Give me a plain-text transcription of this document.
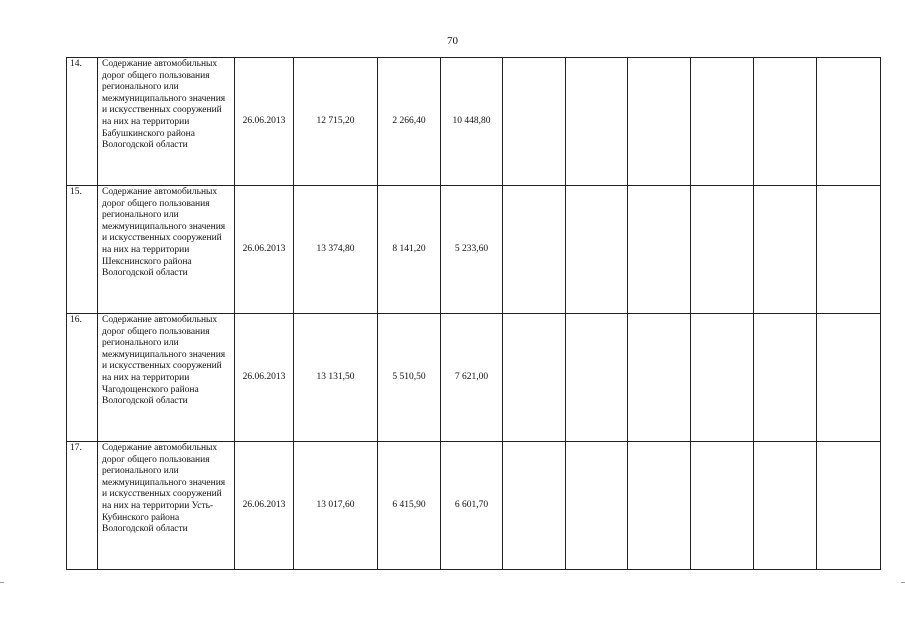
70
14.	Содержание автомобильных дорог общего пользования регионального или межмуниципального значения и искусственных сооружений на них на территории Бабушкинского района Вологодской области	26.06.2013	12 715,20	2 266,40	10 448,80						
15.	Содержание автомобильных дорог общего пользования регионального или межмуниципального значения и искусственных сооружений на них на территории Шекснинского района Вологодской области	26.06.2013	13 374,80	8 141,20	5 233,60						
16.	Содержание автомобильных дорог общего пользования регионального или межмуниципального значения и искусственных сооружений на них на территории Чагодощенского района Вологодской области	26.06.2013	13 131,50	5 510,50	7 621,00						
17.	Содержание автомобильных дорог общего пользования регионального или межмуниципального значения и искусственных сооружений на них на территории Усть-Кубинского района Вологодской области	26.06.2013	13 017,60	6 415,90	6 601,70						
